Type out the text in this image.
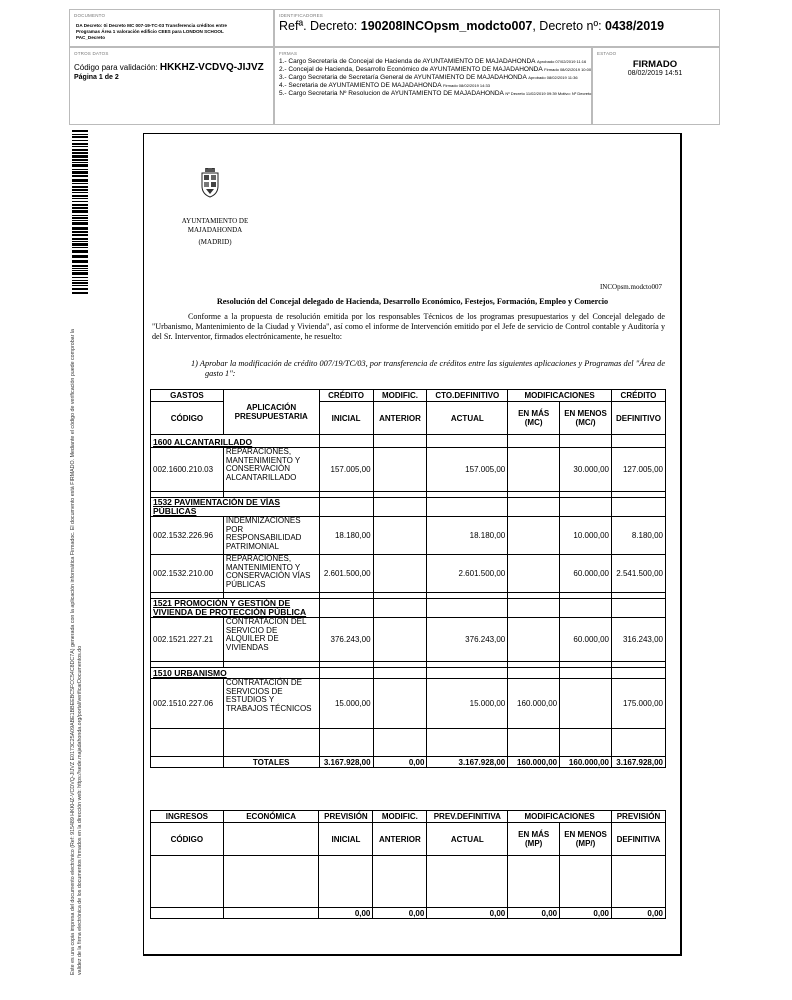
DOCUMENTO
DA Decreto: 0i Decreto MC 007-19-TC-03 Transferencia créditos entre Programas Área 1 valoración edificio CEES para LONDON SCHOOL PAC_Decreto
IDENTIFICADORES
Refª. Decreto: 190208INCOpsm_modcto007, Decreto nº: 0438/2019
OTROS DATOS
Código para validación: HKKHZ-VCDVQ-JIJVZ
Página 1 de 2
FIRMAS
1.- Cargo Secretaria de Concejal de Hacienda de AYUNTAMIENTO DE MAJADAHONDA Aprobado 07/02/2019 11:16
2.- Concejal de Hacienda, Desarrollo Económico de AYUNTAMIENTO DE MAJADAHONDA Firmado 08/02/2019 10:00
3.- Cargo Secretaria de Secretaría General de AYUNTAMIENTO DE MAJADAHONDA Aprobado 08/02/2019 11:36
4.- Secretaria de AYUNTAMIENTO DE MAJADAHONDA Firmado 08/02/2019 14:33
5.- Cargo Secretaria Nº Resolucion de AYUNTAMIENTO DE MAJADAHONDA Nº Decreto 11/02/2019 09:39 Motivo: Nº Decreto
ESTADO
FIRMADO
08/02/2019 14:51
Este es una copia impresa del documento electrónico (Ref: 915489 HKKHZ-VCDVQ-JIJVZ E0173C25A09ABE1BBEEBC5FCC54C8DC7A) generada con la aplicación informática Firmadoc. El documento está FIRMADO. Mediante el código de verificación puede comprobar la validez de la firma electrónica de los documentos firmados en la dirección web: https://sede.majadahonda.org/portal/verificarDocumentos.do
AYUNTAMIENTO DE
MAJADAHONDA
(MADRID)
INCOpsm.modcto007
Resolución del Concejal delegado de Hacienda, Desarrollo Económico, Festejos, Formación, Empleo y Comercio
Conforme a la propuesta de resolución emitida por los responsables Técnicos de los programas presupuestarios y del Concejal delegado de "Urbanismo, Mantenimiento de la Ciudad y Vivienda", así como el informe de Intervención emitido por el Jefe de servicio de Control contable y Auditoría y del Sr. Interventor, firmados electrónicamente, he resuelto:
1) Aprobar la modificación de crédito 007/19/TC/03, por transferencia de créditos entre las siguientes aplicaciones y Programas del "Área de gasto 1":
GASTOS	APLICACIÓN PRESUPUESTARIA	CRÉDITO	MODIFIC.	CTO.DEFINITIVO	MODIFICACIONES		CRÉDITO
CÓDIGO		INICIAL	ANTERIOR	ACTUAL	EN MÁS (MC)	EN MENOS (MC/)	DEFINITIVO
1600 ALCANTARILLADO							
002.1600.210.03	REPARACIONES, MANTENIMIENTO Y CONSERVACIÓN ALCANTARILLADO	157.005,00		157.005,00		30.000,00	127.005,00

1532 PAVIMENTACIÓN DE VÍAS PÚBLICAS							
002.1532.226.96	INDEMNIZACIONES POR RESPONSABILIDAD PATRIMONIAL	18.180,00		18.180,00		10.000,00	8.180,00
002.1532.210.00	REPARACIONES, MANTENIMIENTO Y CONSERVACIÓN VÍAS PÚBLICAS	2.601.500,00		2.601.500,00		60.000,00	2.541.500,00

1521 PROMOCIÓN Y GESTIÓN DE VIVIENDA DE PROTECCIÓN PÚBLICA							
002.1521.227.21	CONTRATACIÓN DEL SERVICIO DE ALQUILER DE VIVIENDAS	376.243,00		376.243,00		60.000,00	316.243,00

1510 URBANISMO							
002.1510.227.06	CONTRATACIÓN DE SERVICIOS DE ESTUDIOS Y TRABAJOS TÉCNICOS	15.000,00		15.000,00	160.000,00		175.000,00

	TOTALES	3.167.928,00	0,00	3.167.928,00	160.000,00	160.000,00	3.167.928,00
INGRESOS	ECONÓMICA	PREVISIÓN	MODIFIC.	PREV.DEFINITIVA	MODIFICACIONES		PREVISIÓN
CÓDIGO		INICIAL	ANTERIOR	ACTUAL	EN MÁS (MP)	EN MENOS (MP/)	DEFINITIVA

		0,00	0,00	0,00	0,00	0,00	0,00
